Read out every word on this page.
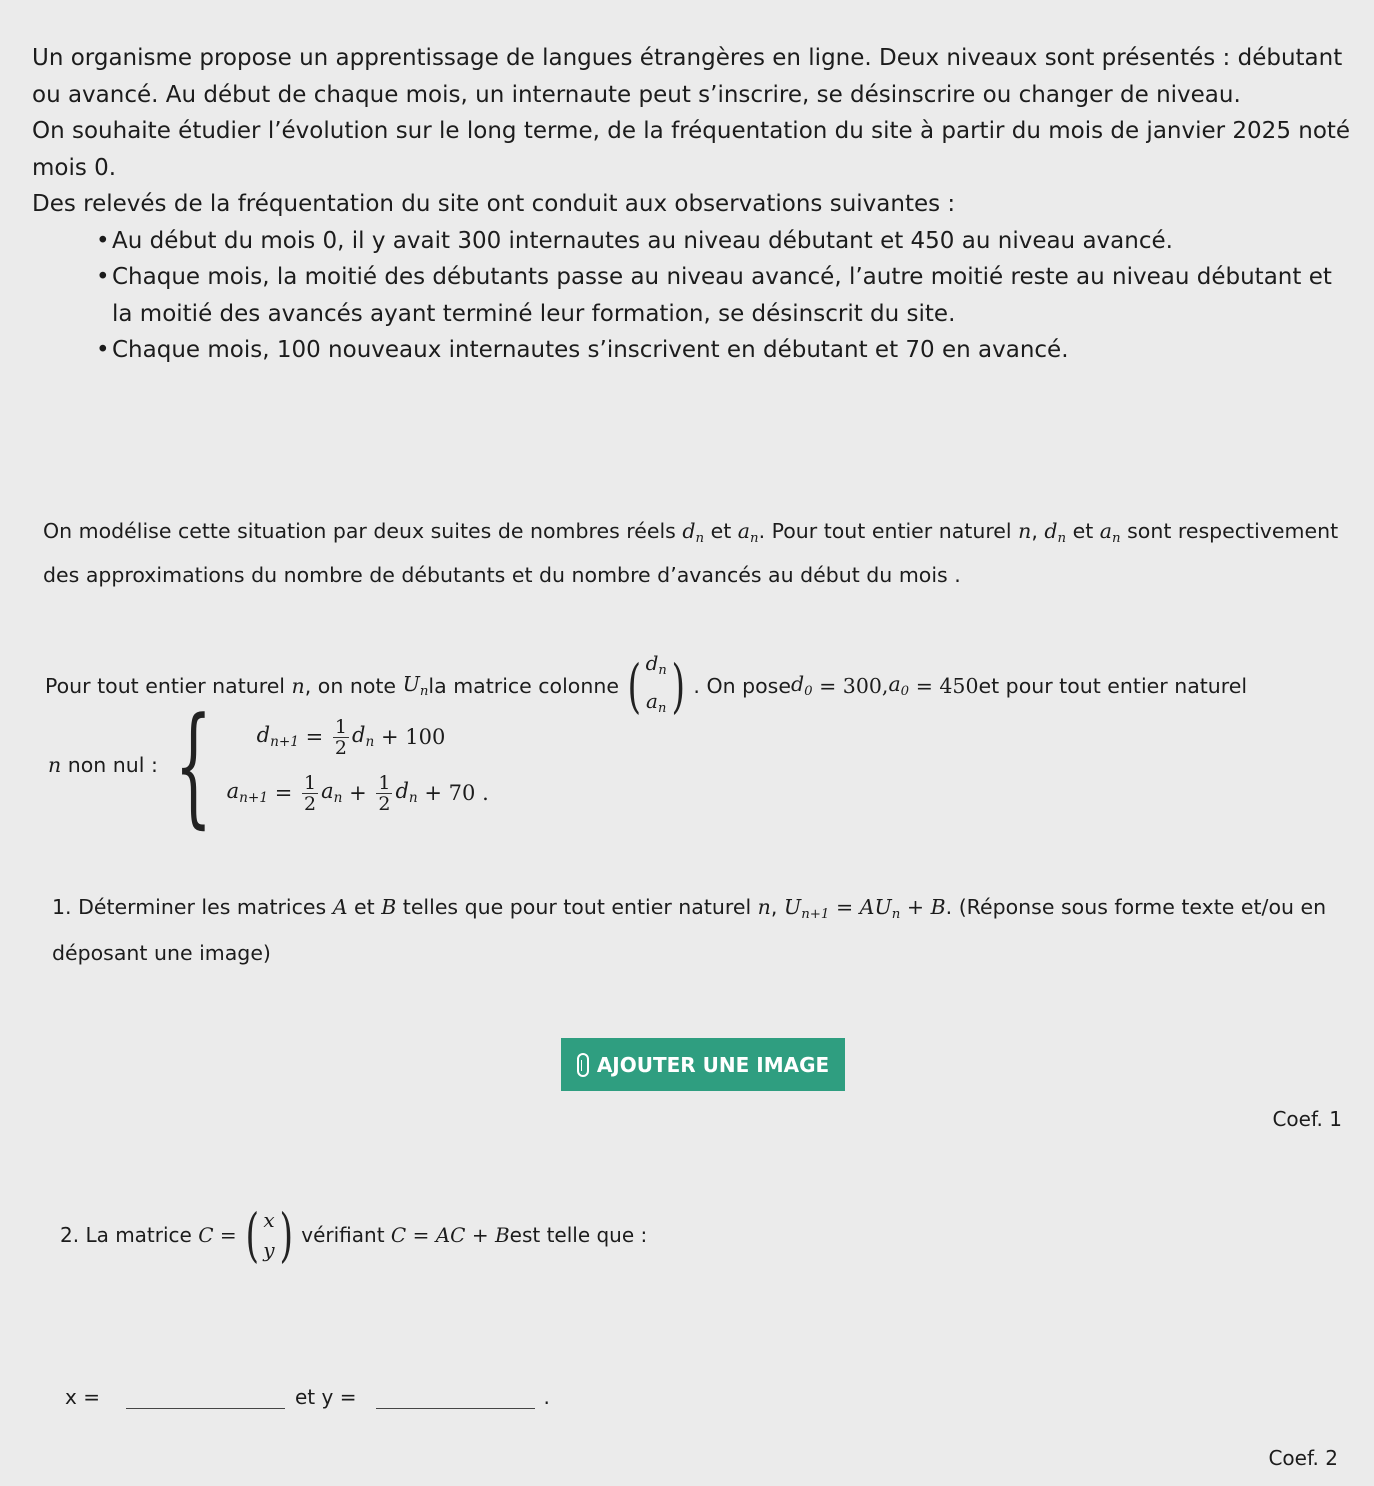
Un organisme propose un apprentissage de langues étrangères en ligne. Deux niveaux sont présentés : débutant ou avancé. Au début de chaque mois, un internaute peut s’inscrire, se désinscrire ou changer de niveau.

On souhaite étudier l’évolution sur le long terme, de la fréquentation du site à partir du mois de janvier 2025 noté mois 0.

Des relevés de la fréquentation du site ont conduit aux observations suivantes :

• Au début du mois 0, il y avait 300 internautes au niveau débutant et 450 au niveau avancé.
• Chaque mois, la moitié des débutants passe au niveau avancé, l’autre moitié reste au niveau débutant et la moitié des avancés ayant terminé leur formation, se désinscrit du site.
• Chaque mois, 100 nouveaux internautes s’inscrivent en débutant et 70 en avancé.

On modélise cette situation par deux suites de nombres réels $d_n$ et $a_n$. Pour tout entier naturel n, $d_n$ et $a_n$ sont respectivement des approximations du nombre de débutants et du nombre d’avancés au début du mois .

Pour tout entier naturel
n , on note
$U_n$ la matrice colonne ( $d_n$
$a_n$ ) . On pose $d_0$
= 300, $a_0$
= 450 et pour tout entier naturel
n
non nul : { $d_{n+1} = \frac{1}{2} d_n$
+ 100
$a_{n+1} = \frac{1}{2} a_n + \frac{1}{2} d_n$
+ 70 .

1. Déterminer les matrices A et B telles que pour tout entier naturel n, $U_{n+1} = AU_n + B$. (Réponse sous forme texte et/ou en déposant une image)

AJOUTER UNE IMAGE
Coef. 1
2. La matrice
C
= ( x
y ) vérifiant
C
=
AC
+
B est telle que :
x =	et y =	.
Coef. 2
